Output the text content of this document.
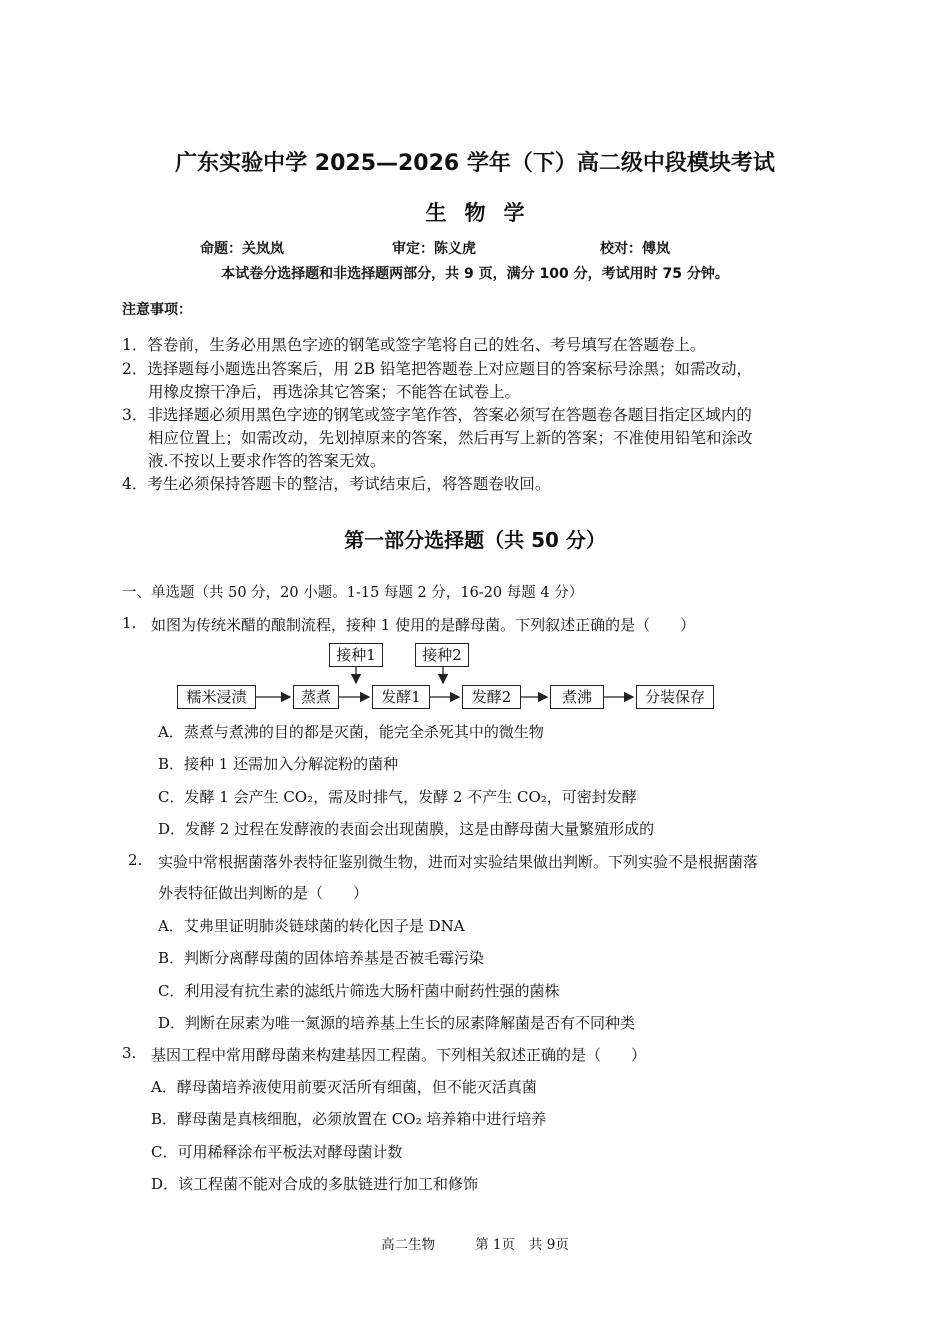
广东实验中学 2025—2026 学年（下）高二级中段模块考试
生物学
命题：关岚岚	审定：陈义虎	校对：傅岚
本试卷分选择题和非选择题两部分，共 9 页，满分 100 分，考试用时 75 分钟。
注意事项：
1．答卷前，生务必用黑色字迹的钢笔或签字笔将自己的姓名、考号填写在答题卷上。
2．选择题每小题选出答案后，用 2B 铅笔把答题卷上对应题目的答案标号涂黑；如需改动，
用橡皮擦干净后，再选涂其它答案；不能答在试卷上。
3．非选择题必须用黑色字迹的钢笔或签字笔作答，答案必须写在答题卷各题目指定区域内的
相应位置上；如需改动，先划掉原来的答案，然后再写上新的答案；不准使用铅笔和涂改
液.不按以上要求作答的答案无效。
4．考生必须保持答题卡的整洁，考试结束后，将答题卷收回。
第一部分选择题（共 50 分）
一、单选题（共 50 分，20 小题。1-15 每题 2 分，16-20 每题 4 分）
1. 如图为传统米醋的酿制流程，接种 1 使用的是酵母菌。下列叙述正确的是（　　）
接种1	接种2
糯米浸渍	蒸煮	发酵1	发酵2	煮沸	分装保存
A．蒸煮与煮沸的目的都是灭菌，能完全杀死其中的微生物
B．接种 1 还需加入分解淀粉的菌种
C．发酵 1 会产生 CO₂，需及时排气，发酵 2 不产生 CO₂，可密封发酵
D．发酵 2 过程在发酵液的表面会出现菌膜，这是由酵母菌大量繁殖形成的
2. 实验中常根据菌落外表特征鉴别微生物，进而对实验结果做出判断。下列实验不是根据菌落
外表特征做出判断的是（　　）
A．艾弗里证明肺炎链球菌的转化因子是 DNA
B．判断分离酵母菌的固体培养基是否被毛霉污染
C．利用浸有抗生素的滤纸片筛选大肠杆菌中耐药性强的菌株
D．判断在尿素为唯一氮源的培养基上生长的尿素降解菌是否有不同种类
3. 基因工程中常用酵母菌来构建基因工程菌。下列相关叙述正确的是（　　）
A．酵母菌培养液使用前要灭活所有细菌，但不能灭活真菌
B．酵母菌是真核细胞，必须放置在 CO₂ 培养箱中进行培养
C．可用稀释涂布平板法对酵母菌计数
D．该工程菌不能对合成的多肽链进行加工和修饰
高二生物	第 1页 共 9页
